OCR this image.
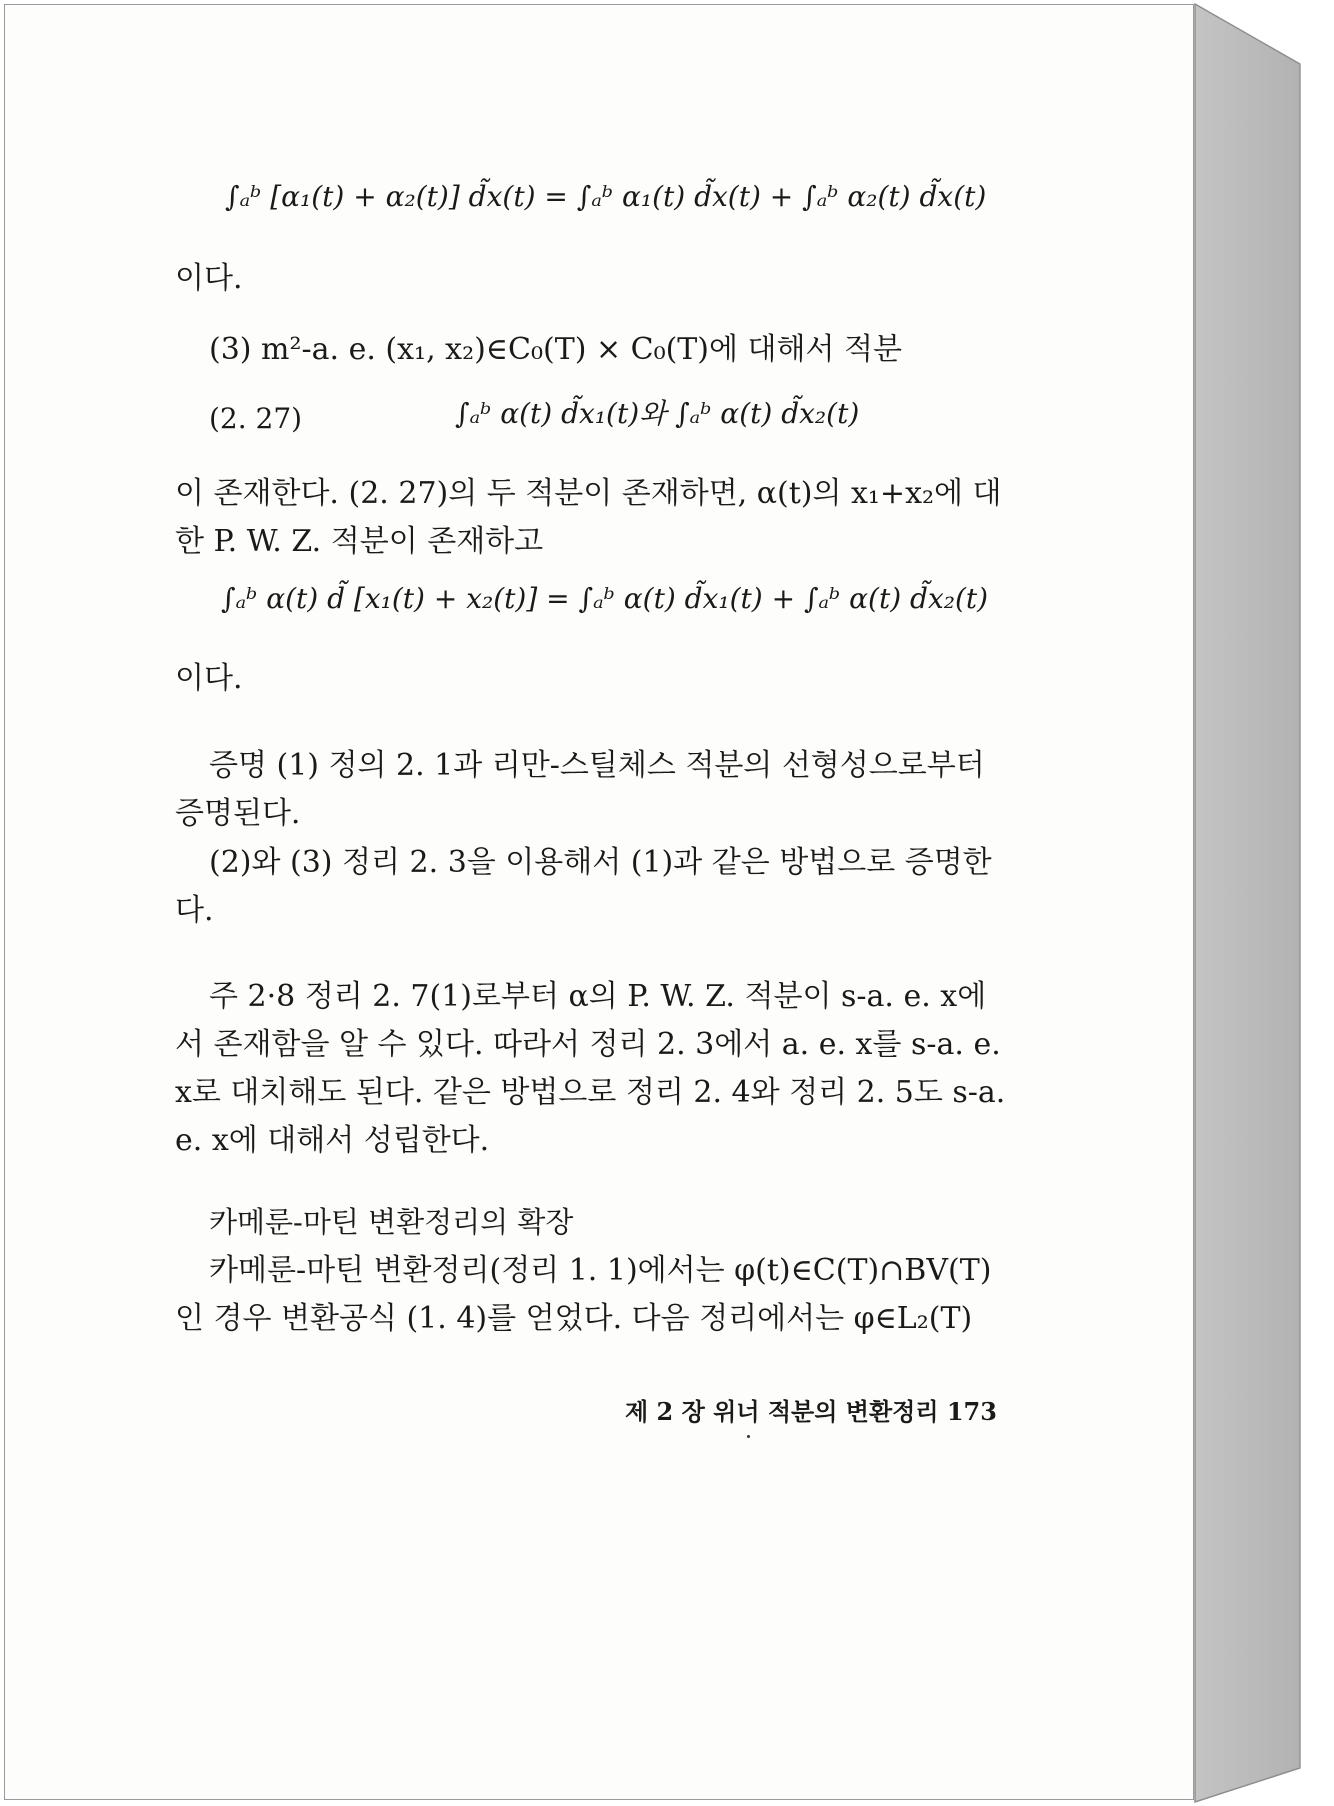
∫ₐᵇ [α₁(t) + α₂(t)] d̃x(t) = ∫ₐᵇ α₁(t) d̃x(t) + ∫ₐᵇ α₂(t) d̃x(t)
이다.
(3) m²-a. e. (x₁, x₂)∈C₀(T) × C₀(T)에 대해서 적분
(2. 27)	∫ₐᵇ α(t) d̃x₁(t)와 ∫ₐᵇ α(t) d̃x₂(t)
이 존재한다. (2. 27)의 두 적분이 존재하면, α(t)의 x₁+x₂에 대
한 P. W. Z. 적분이 존재하고
∫ₐᵇ α(t) d̃ [x₁(t) + x₂(t)] = ∫ₐᵇ α(t) d̃x₁(t) + ∫ₐᵇ α(t) d̃x₂(t)
이다.
증명 (1) 정의 2. 1과 리만-스틸체스 적분의 선형성으로부터
증명된다.
(2)와 (3) 정리 2. 3을 이용해서 (1)과 같은 방법으로 증명한
다.
주 2·8 정리 2. 7(1)로부터 α의 P. W. Z. 적분이 s-a. e. x에
서 존재함을 알 수 있다. 따라서 정리 2. 3에서 a. e. x를 s-a. e.
x로 대치해도 된다. 같은 방법으로 정리 2. 4와 정리 2. 5도 s-a.
e. x에 대해서 성립한다.
카메룬-마틴 변환정리의 확장
카메룬-마틴 변환정리(정리 1. 1)에서는 φ(t)∈C(T)∩BV(T)
인 경우 변환공식 (1. 4)를 얻었다. 다음 정리에서는 φ∈L₂(T)
제 2 장 위너 적분의 변환정리 173
